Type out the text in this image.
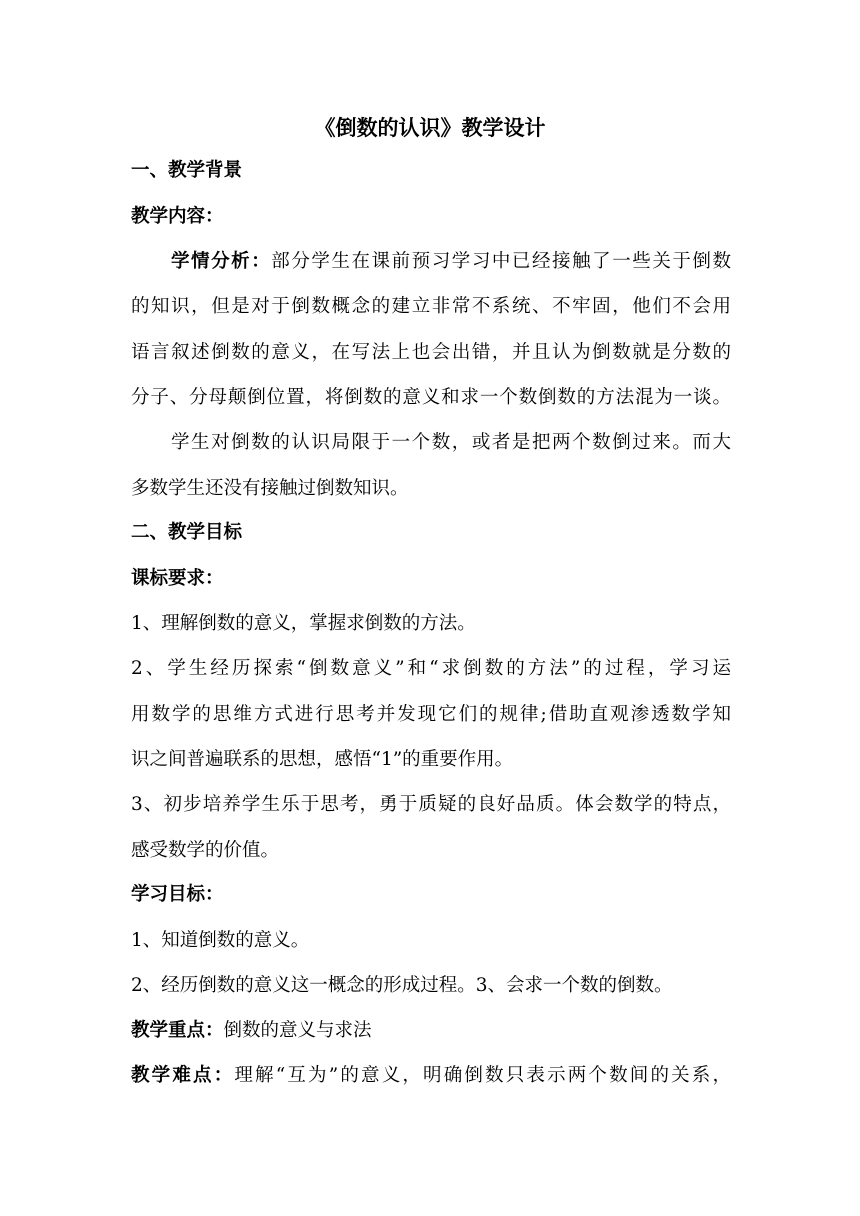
《倒数的认识》教学设计
一、教学背景
教学内容：
学情分析：部分学生在课前预习学习中已经接触了一些关于倒数
的知识，但是对于倒数概念的建立非常不系统、不牢固，他们不会用
语言叙述倒数的意义，在写法上也会出错，并且认为倒数就是分数的
分子、分母颠倒位置，将倒数的意义和求一个数倒数的方法混为一谈。
学生对倒数的认识局限于一个数，或者是把两个数倒过来。而大
多数学生还没有接触过倒数知识。
二、教学目标
课标要求：
1、理解倒数的意义，掌握求倒数的方法。
2、学生经历探索“倒数意义”和“求倒数的方法”的过程，学习运
用数学的思维方式进行思考并发现它们的规律;借助直观渗透数学知
识之间普遍联系的思想，感悟“1”的重要作用。
3、初步培养学生乐于思考，勇于质疑的良好品质。体会数学的特点，
感受数学的价值。
学习目标：
1、知道倒数的意义。
2、经历倒数的意义这一概念的形成过程。3、会求一个数的倒数。
教学重点：倒数的意义与求法
教学难点：理解“互为”的意义，明确倒数只表示两个数间的关系，
